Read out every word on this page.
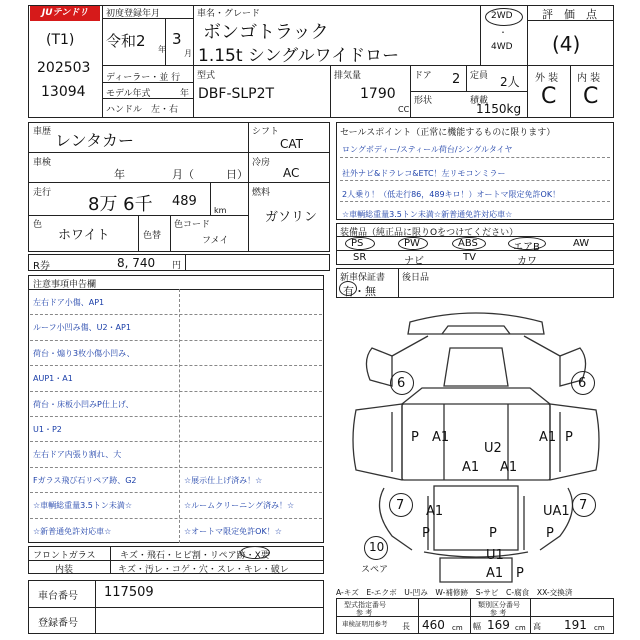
JUテンドリ
(T1)
202503
13094
初度登録年月
令和2 年
3
月
ディーラー・並 行
モデル年式	年
ハンドル　左・右
車名・グレード
ボンゴトラック
1.15t シングルワイドロー
2WD
・
4WD
型式
DBF-SLP2T
排気量
1790
CC
ドア 2 定員 2人
形状	積載
1150kg
評　価　点
(4)
外 装 内 装
C C
車歴 レンタカー
車検
年	月（	日）
走行
8万 6千 489
km
色
ホワイト	色替
色コード
フメイ
シフト
CAT
冷房
AC
燃料
ガソリン
R券	8, 740 円
セールスポイント（正常に機能するものに限ります）
ロングボディー/スティール荷台/シングルタイヤ
社外ナビ&ドラレコ&ETC！左リモコンミラー
2人乗り！（低走行86，489キロ！）オートマ限定免許OK！
☆車輌総重量3.5トン未満☆新普通免許対応車☆
装備品（純正品に限りOをつけてください）
PS	PW	ABS	エアB	AW
SR	ナビ	TV	カワ
新車保証書
有・無
後日品
注意事項申告欄
左右ドア小傷、AP1
ルーフ小凹み傷、U2・AP1
荷台・煽り3枚小傷小凹み、
AUP1・A1
荷台・床板小凹みP仕上げ、
U1・P2
左右ドア内張り割れ、大
Fガラス飛び石リペア跡、G2	☆展示仕上げ済み！☆
☆車輌総重量3.5トン未満☆	☆ルームクリーニング済み！☆
☆新普通免許対応車☆	☆オートマ限定免許OK！☆
フロントガラス	キズ・飛石・ヒビ割・リペア跡・X要
内装	キズ・汚レ・コゲ・穴・スレ・キレ・破レ
車台番号 117509
登録番号
6	6
P A1
U2
A1 P
A1 A1
7	7
A1	UA1
P	P	P
U1
A1 P
10
スペア
A-キズ　E-エクボ　U-凹み　W-補修跡　S-サビ　C-腐食　XX-交換済
型式指定番号
参 考
類別区分番号
参 考
車検証明用参考 長 460 cm 幅 169 cm 高 191 cm
